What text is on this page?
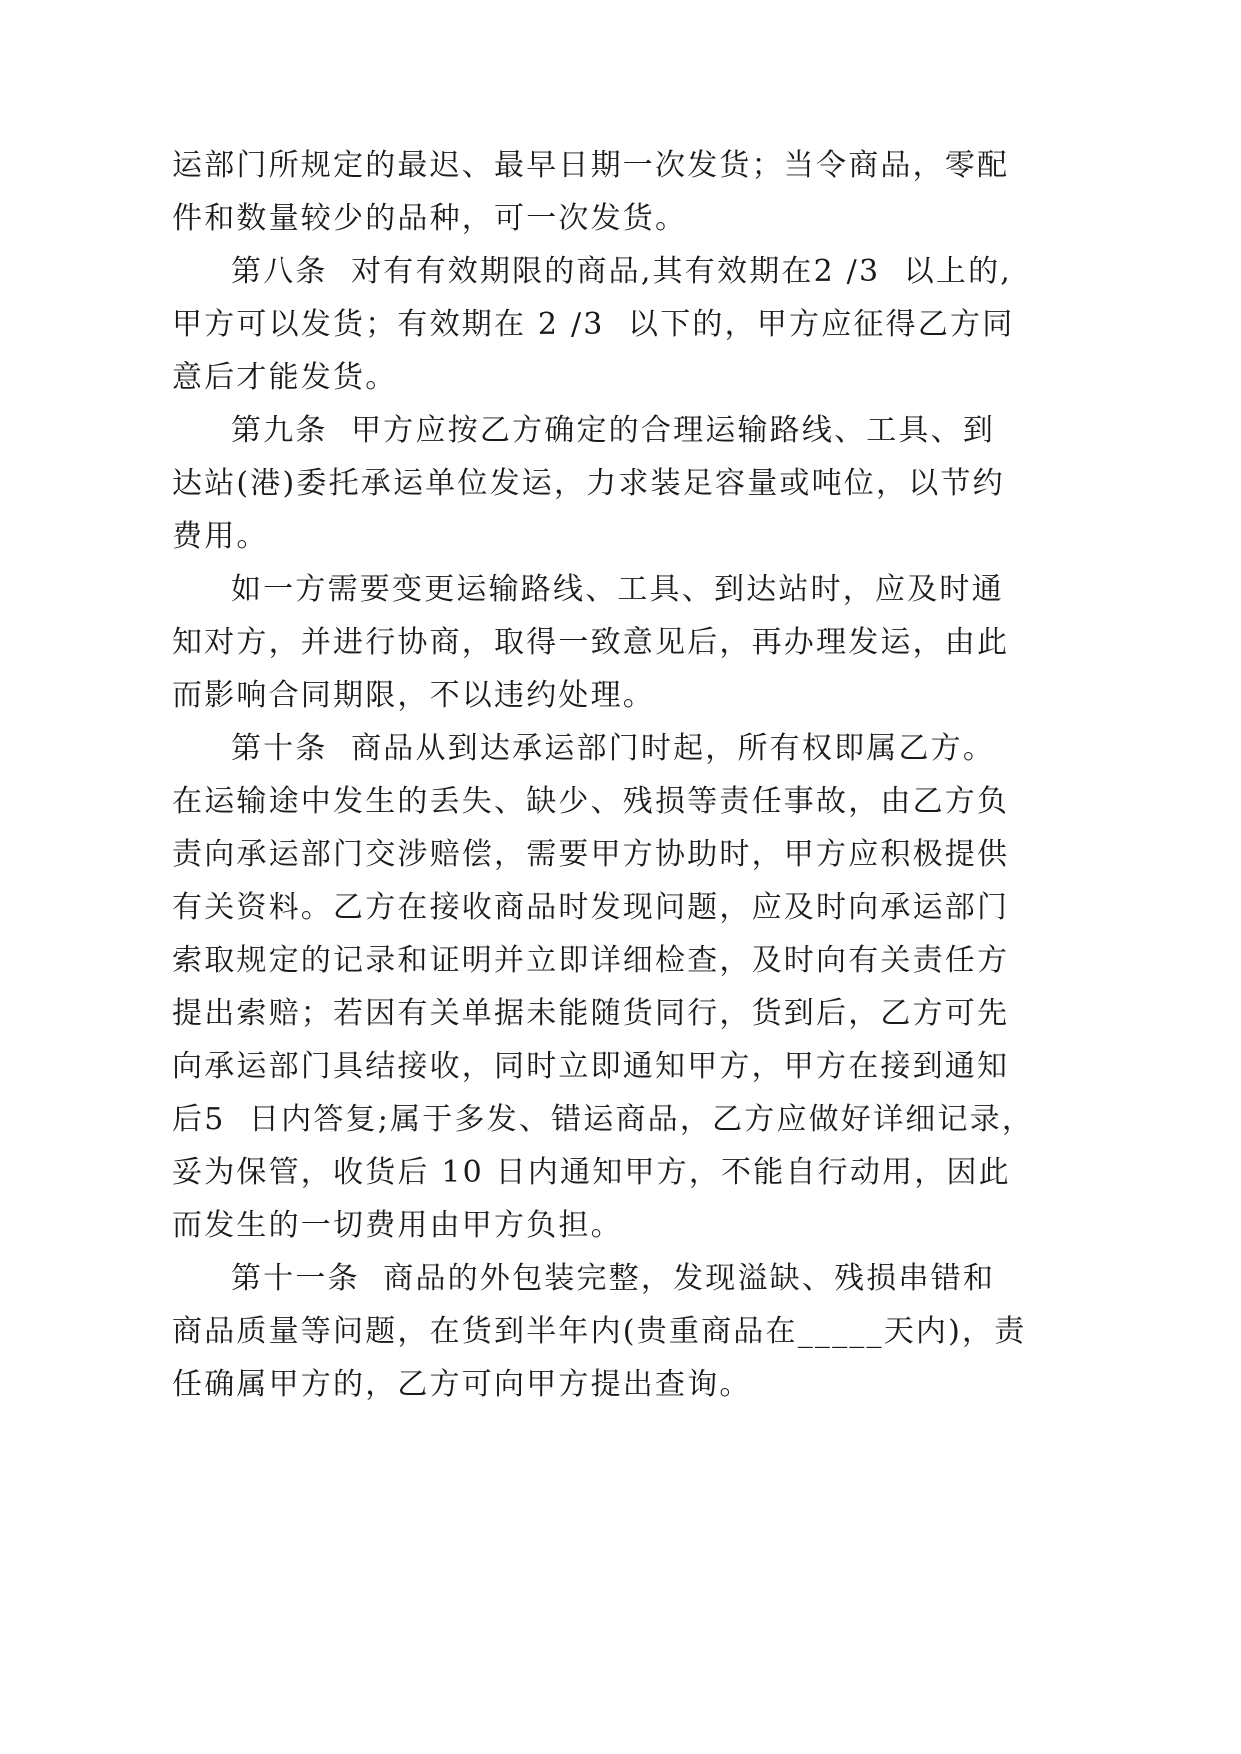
运部门所规定的最迟、最早日期一次发货；当令商品，零配

件和数量较少的品种，可一次发货。

第八条  对有有效期限的商品,其有效期在2 /3  以上的,

甲方可以发货；有效期在 2 /3  以下的，甲方应征得乙方同

意后才能发货。

第九条  甲方应按乙方确定的合理运输路线、工具、到

达站(港)委托承运单位发运，力求装足容量或吨位，以节约

费用。

如一方需要变更运输路线、工具、到达站时，应及时通

知对方，并进行协商，取得一致意见后，再办理发运，由此

而影响合同期限，不以违约处理。

第十条  商品从到达承运部门时起，所有权即属乙方。

在运输途中发生的丢失、缺少、残损等责任事故，由乙方负

责向承运部门交涉赔偿，需要甲方协助时，甲方应积极提供

有关资料。乙方在接收商品时发现问题，应及时向承运部门

索取规定的记录和证明并立即详细检查，及时向有关责任方

提出索赔；若因有关单据未能随货同行，货到后，乙方可先

向承运部门具结接收，同时立即通知甲方，甲方在接到通知

后5  日内答复;属于多发、错运商品，乙方应做好详细记录，

妥为保管，收货后 10 日内通知甲方，不能自行动用，因此

而发生的一切费用由甲方负担。

第十一条  商品的外包装完整，发现溢缺、残损串错和

商品质量等问题，在货到半年内(贵重商品在_____天内)，责

任确属甲方的，乙方可向甲方提出查询。
